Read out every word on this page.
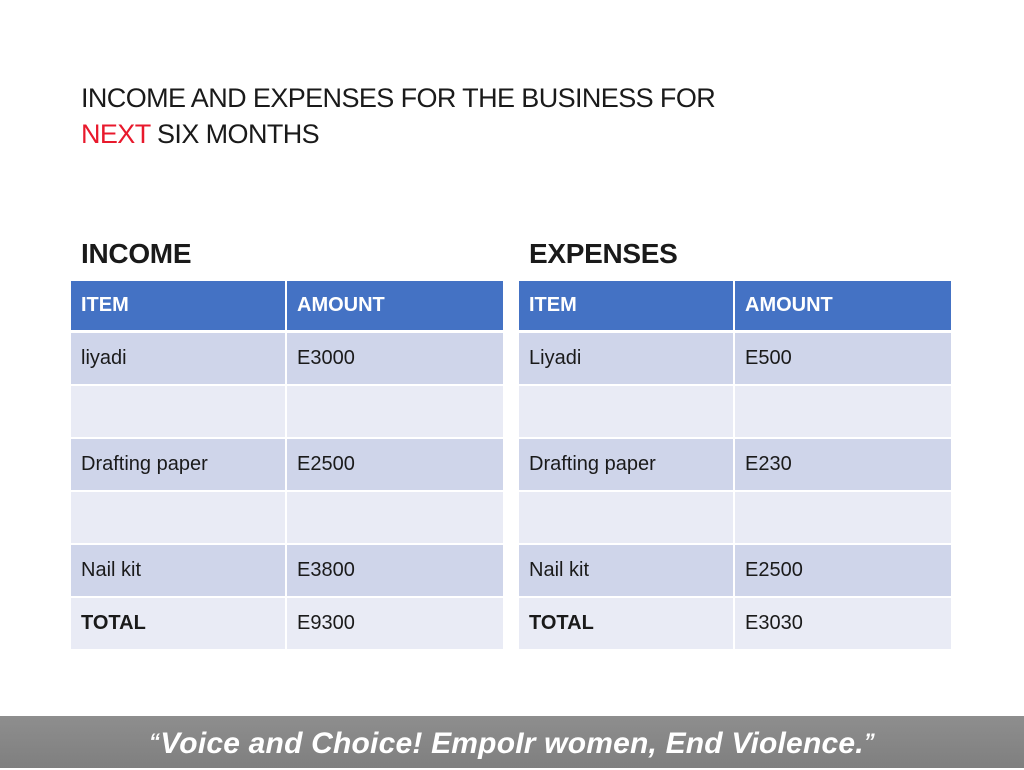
INCOME AND EXPENSES FOR THE BUSINESS FOR
NEXT SIX MONTHS
INCOME	EXPENSES
ITEM	AMOUNT
liyadi	E3000

Drafting paper	E2500

Nail kit	E3800
TOTAL	E9300
ITEM	AMOUNT
Liyadi	E500

Drafting paper	E230

Nail kit	E2500
TOTAL	E3030
“Voice and Choice! EmpoIr women, End Violence.”
